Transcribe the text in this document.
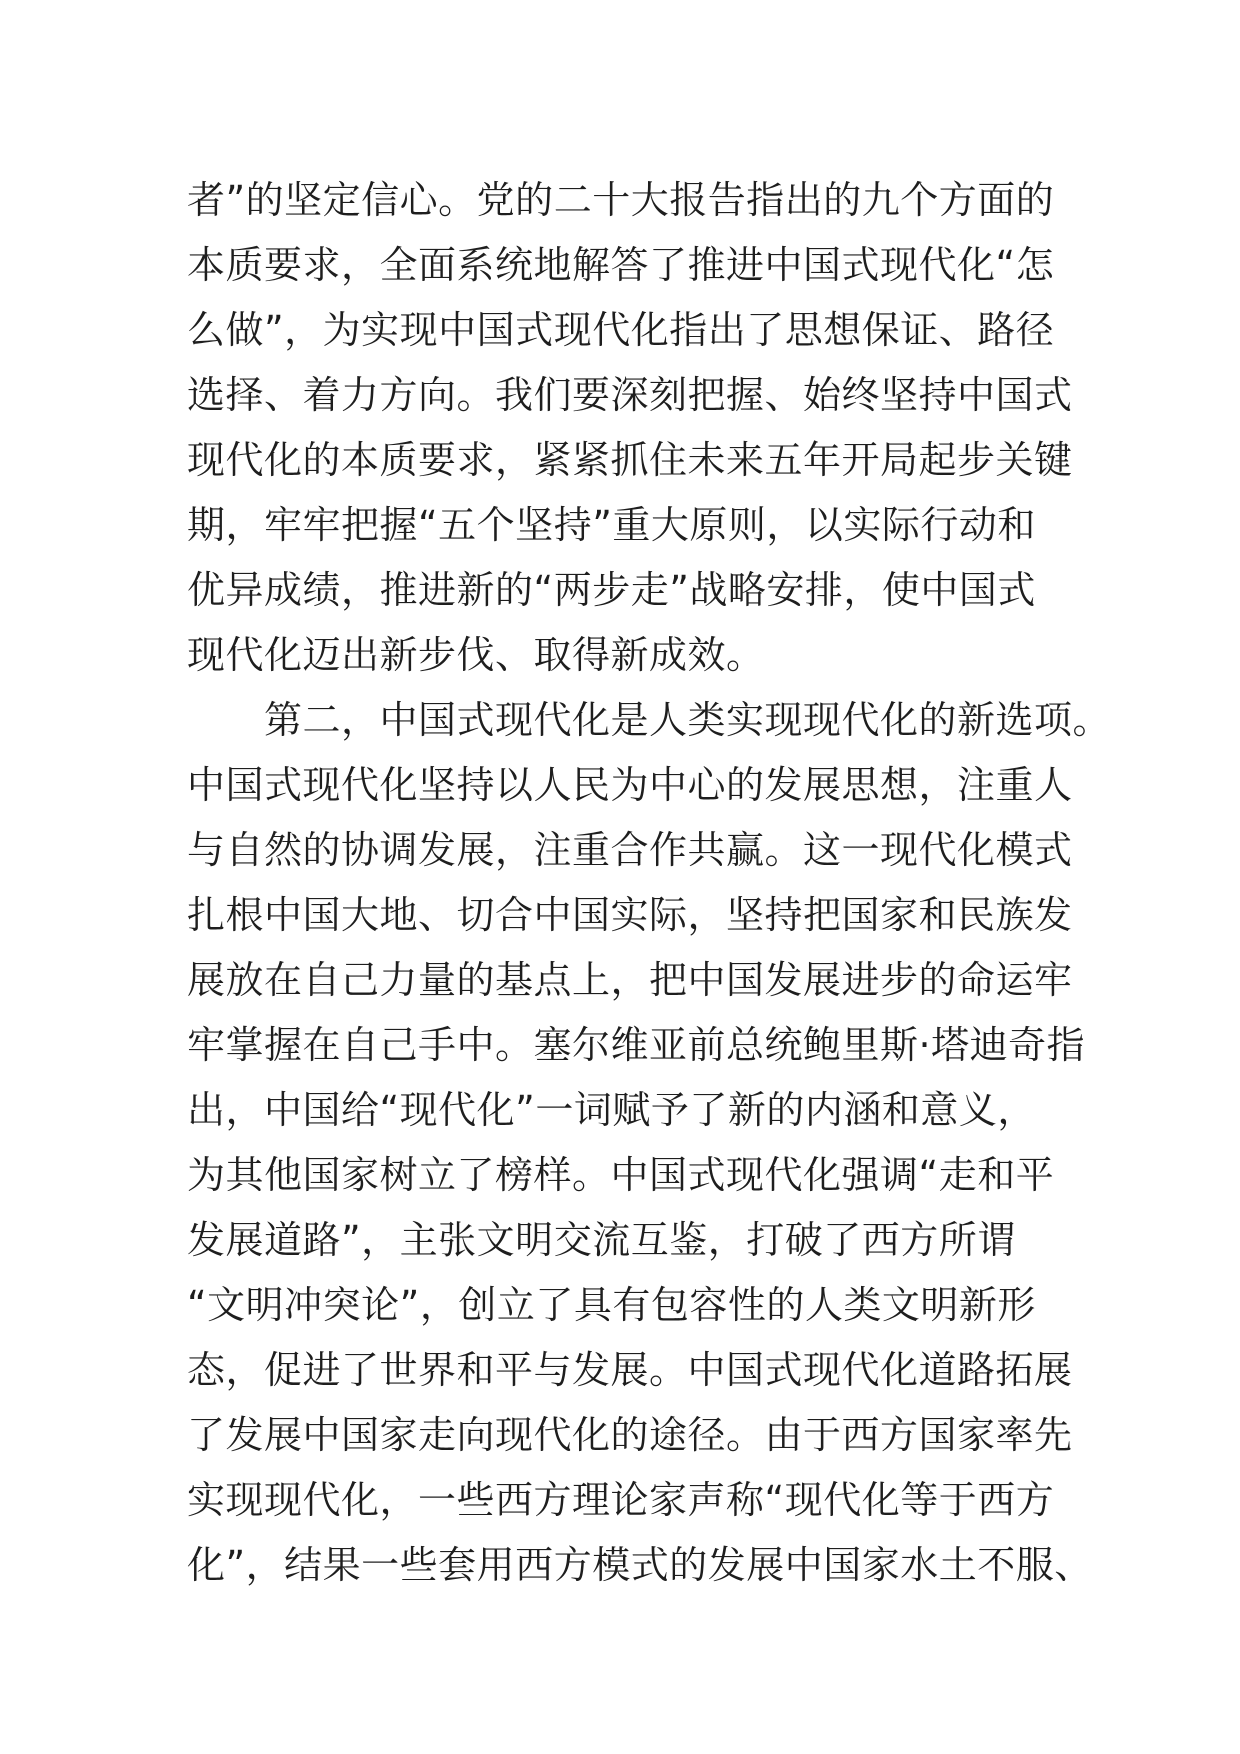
者”的坚定信心。党的二十大报告指出的九个方面的
本质要求，全面系统地解答了推进中国式现代化“怎
么做”，为实现中国式现代化指出了思想保证、路径
选择、着力方向。我们要深刻把握、始终坚持中国式
现代化的本质要求，紧紧抓住未来五年开局起步关键
期，牢牢把握“五个坚持”重大原则，以实际行动和
优异成绩，推进新的“两步走”战略安排，使中国式
现代化迈出新步伐、取得新成效。
　　第二，中国式现代化是人类实现现代化的新选项。
中国式现代化坚持以人民为中心的发展思想，注重人
与自然的协调发展，注重合作共赢。这一现代化模式
扎根中国大地、切合中国实际，坚持把国家和民族发
展放在自己力量的基点上，把中国发展进步的命运牢
牢掌握在自己手中。塞尔维亚前总统鲍里斯·塔迪奇指
出，中国给“现代化”一词赋予了新的内涵和意义，
为其他国家树立了榜样。中国式现代化强调“走和平
发展道路”，主张文明交流互鉴，打破了西方所谓
“文明冲突论”，创立了具有包容性的人类文明新形
态，促进了世界和平与发展。中国式现代化道路拓展
了发展中国家走向现代化的途径。由于西方国家率先
实现现代化，一些西方理论家声称“现代化等于西方
化”，结果一些套用西方模式的发展中国家水土不服、
